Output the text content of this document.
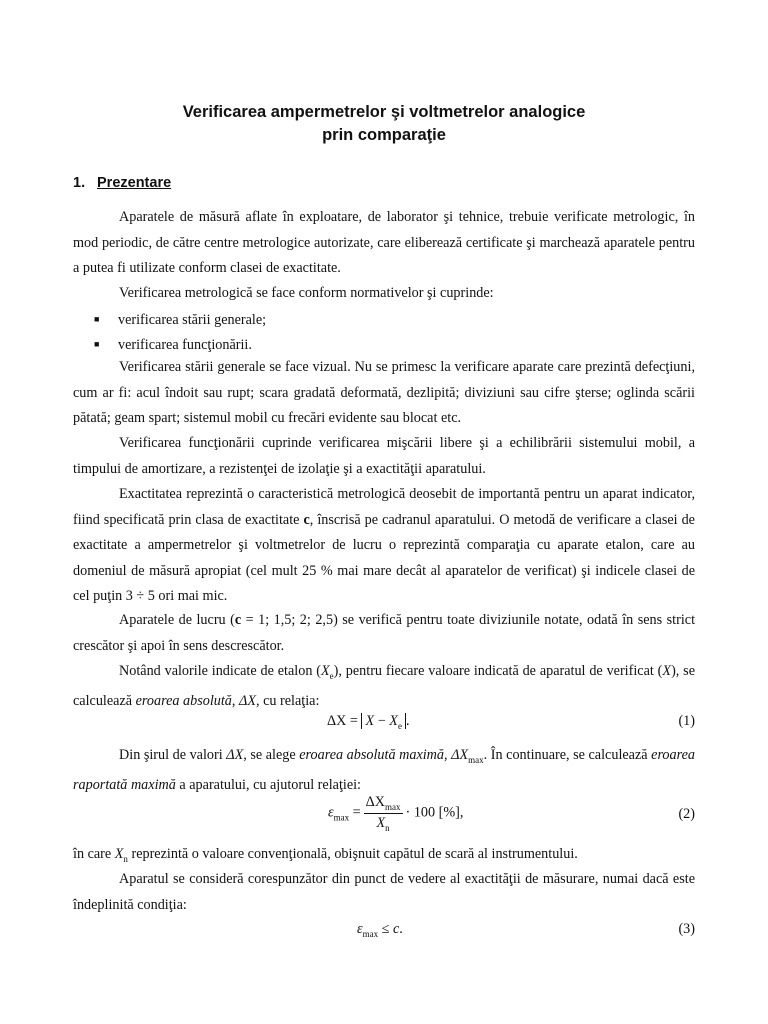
Verificarea ampermetrelor şi voltmetrelor analogice
prin comparaţie
1. Prezentare
Aparatele de măsură aflate în exploatare, de laborator şi tehnice, trebuie verificate metrologic, în mod periodic, de către centre metrologice autorizate, care eliberează certificate şi marchează aparatele pentru a putea fi utilizate conform clasei de exactitate.
Verificarea metrologică se face conform normativelor şi cuprinde:
■ verificarea stării generale;
■ verificarea funcţionării.
Verificarea stării generale se face vizual. Nu se primesc la verificare aparate care prezintă defecţiuni, cum ar fi: acul îndoit sau rupt; scara gradată deformată, dezlipită; diviziuni sau cifre şterse; oglinda scării pătată; geam spart; sistemul mobil cu frecări evidente sau blocat etc.
Verificarea funcţionării cuprinde verificarea mişcării libere şi a echilibrării sistemului mobil, a timpului de amortizare, a rezistenţei de izolaţie şi a exactităţii aparatului.
Exactitatea reprezintă o caracteristică metrologică deosebit de importantă pentru un aparat indicator, fiind specificată prin clasa de exactitate c, înscrisă pe cadranul aparatului. O metodă de verificare a clasei de exactitate a ampermetrelor şi voltmetrelor de lucru o reprezintă comparaţia cu aparate etalon, care au domeniul de măsură apropiat (cel mult 25 % mai mare decât al aparatelor de verificat) şi indicele clasei de cel puţin 3 ÷ 5 ori mai mic.
Aparatele de lucru (c = 1; 1,5; 2; 2,5) se verifică pentru toate diviziunile notate, odată în sens strict crescător şi apoi în sens descrescător.
Notând valorile indicate de etalon $(X_e)$, pentru fiecare valoare indicată de aparatul de verificat (X), se calculează eroarea absolută, ΔX, cu relaţia:
$\Delta X = X - X_e$ .	(1)
Din şirul de valori ΔX, se alege eroarea absolută maximă, $\Delta X_{max}$. În continuare, se calculează eroarea raportată maximă a aparatului, cu ajutorul relaţiei:
$\varepsilon_{max} = \frac{\Delta X_{max}}{X_n} \cdot 100$ [%],	(2)
în care $X_n$ reprezintă o valoare convenţională, obişnuit capătul de scară al instrumentului.
Aparatul se consideră corespunzător din punct de vedere al exactităţii de măsurare, numai dacă este îndeplinită condiţia:
$\varepsilon_{max} \le c$.	(3)
